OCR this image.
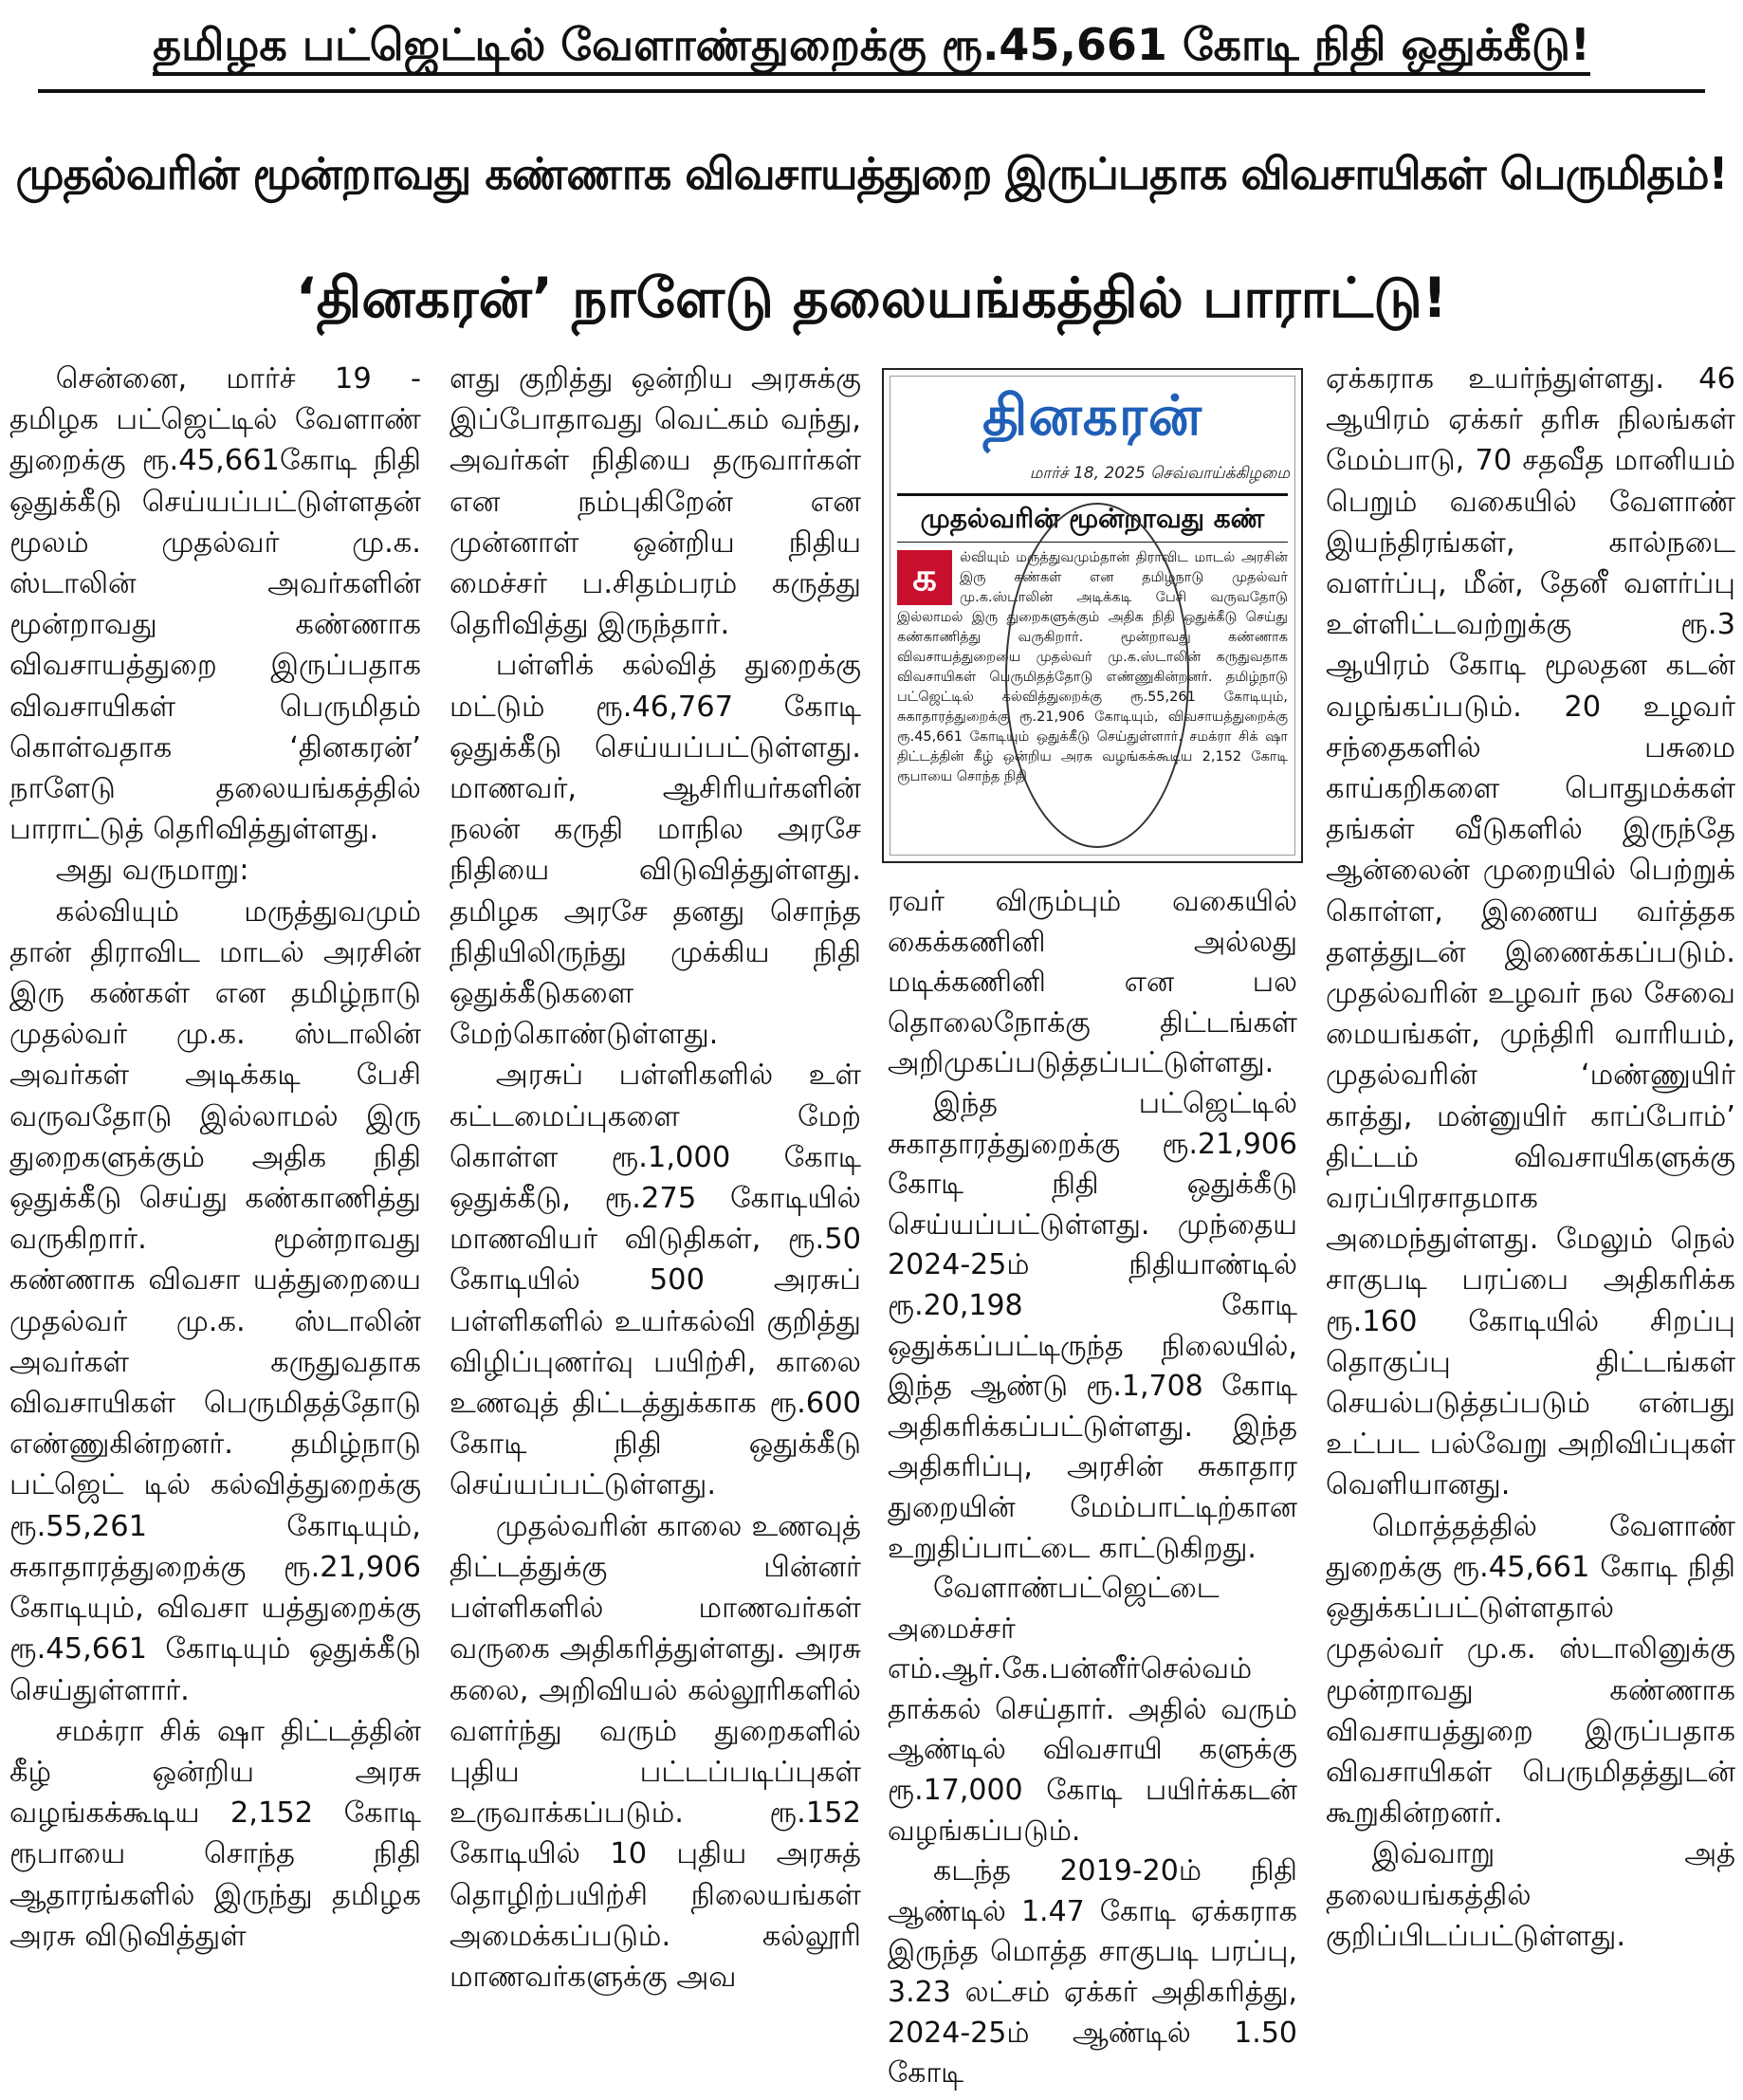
தமிழக பட்ஜெட்டில் வேளாண்துறைக்கு ரூ.45,661 கோடி நிதி ஒதுக்கீடு!
முதல்வரின் மூன்றாவது கண்ணாக விவசாயத்துறை இருப்பதாக விவசாயிகள் பெருமிதம்!
‘தினகரன்’ நாளேடு தலையங்கத்தில் பாராட்டு!

சென்னை, மார்ச் 19 - தமிழக பட்ஜெட்டில் வேளாண் துறைக்கு ரூ.45,661கோடி நிதி ஒதுக்கீடு செய்யப்பட்டுள்ளதன் மூலம் முதல்வர் மு.க. ஸ்டாலின் அவர்களின் மூன்றாவது கண்ணாக விவசாயத்துறை இருப்பதாக விவசாயிகள் பெருமிதம் கொள்வதாக ‘தினகரன்’ நாளேடு தலையங்கத்தில் பாராட்டுத் தெரிவித்துள்ளது.

அது வருமாறு:

கல்வியும் மருத்துவமும் தான் திராவிட மாடல் அரசின் இரு கண்கள் என தமிழ்நாடு முதல்வர் மு.க. ஸ்டாலின் அவர்கள் அடிக்கடி பேசி வருவதோடு இல்லாமல் இரு துறைகளுக்கும் அதிக நிதி ஒதுக்கீடு செய்து கண்காணித்து வருகிறார். மூன்றாவது கண்ணாக விவசா யத்துறையை முதல்வர் மு.க. ஸ்டாலின் அவர்கள் கருதுவதாக விவசாயிகள் பெருமிதத்தோடு எண்ணுகின்றனர். தமிழ்நாடு பட்ஜெட் டில் கல்வித்துறைக்கு ரூ.55,261 கோடியும், சுகாதாரத்துறைக்கு ரூ.21,906 கோடியும், விவசா யத்துறைக்கு ரூ.45,661 கோடியும் ஒதுக்கீடு செய்துள்ளார்.

சமக்ரா சிக் ஷா திட்டத்தின் கீழ் ஒன்றிய அரசு வழங்கக்கூடிய 2,152 கோடி ரூபாயை சொந்த நிதி ஆதாரங்களில் இருந்து தமிழக அரசு விடுவித்துள்

ளது குறித்து ஒன்றிய அரசுக்கு இப்போதாவது வெட்கம் வந்து, அவர்கள் நிதியை தருவார்கள் என நம்புகிறேன் என முன்னாள் ஒன்றிய நிதிய மைச்சர் ப.சிதம்பரம் கருத்து தெரிவித்து இருந்தார்.

பள்ளிக் கல்வித் துறைக்கு மட்டும் ரூ.46,767 கோடி ஒதுக்கீடு செய்யப்பட்டுள்ளது. மாணவர், ஆசிரியர்களின் நலன் கருதி மாநில அரசே நிதியை விடுவித்துள்ளது. தமிழக அரசே தனது சொந்த நிதியிலிருந்து முக்கிய நிதி ஒதுக்கீடுகளை மேற்கொண்டுள்ளது.

அரசுப் பள்ளிகளில் உள் கட்டமைப்புகளை மேற் கொள்ள ரூ.1,000 கோடி ஒதுக்கீடு, ரூ.275 கோடியில் மாணவியர் விடுதிகள், ரூ.50 கோடியில் 500 அரசுப் பள்ளிகளில் உயர்கல்வி குறித்து விழிப்புணர்வு பயிற்சி, காலை உணவுத் திட்டத்துக்காக ரூ.600 கோடி நிதி ஒதுக்கீடு செய்யப்பட்டுள்ளது.

முதல்வரின் காலை உணவுத் திட்டத்துக்கு பின்னர் பள்ளிகளில் மாணவர்கள் வருகை அதிகரித்துள்ளது. அரசு கலை, அறிவியல் கல்லூரிகளில் வளர்ந்து வரும் துறைகளில் புதிய பட்டப்படிப்புகள் உருவாக்கப்படும். ரூ.152 கோடியில் 10 புதிய அரசுத் தொழிற்பயிற்சி நிலையங்கள் அமைக்கப்படும். கல்லூரி மாணவர்களுக்கு அவ

தினகரன்
மார்ச் 18, 2025 செவ்வாய்க்கிழமை
முதல்வரின் மூன்றாவது கண்
க	ல்வியும் மருத்துவமும்தான் திராவிட மாடல் அரசின் இரு கண்கள் என தமிழ்நாடு முதல்வர் மு.க.ஸ்டாலின் அடிக்கடி பேசி வருவதோடு இல்லாமல் இரு துறைகளுக்கும் அதிக நிதி ஒதுக்கீடு செய்து கண்காணித்து வருகிறார். மூன்றாவது கண்ணாக விவசாயத்துறையை முதல்வர் மு.க.ஸ்டாலின் கருதுவதாக விவசாயிகள் பெருமிதத்தோடு எண்ணுகின்றனர். தமிழ்நாடு பட்ஜெட்டில் கல்வித்துறைக்கு ரூ.55,261 கோடியும், சுகாதாரத்துறைக்கு ரூ.21,906 கோடியும், விவசாயத்துறைக்கு ரூ.45,661 கோடியும் ஒதுக்கீடு செய்துள்ளார். சமக்ரா சிக் ஷா திட்டத்தின் கீழ் ஒன்றிய அரசு வழங்கக்கூடிய 2,152 கோடி ரூபாயை சொந்த நிதி

ரவர் விரும்பும் வகையில் கைக்கணினி அல்லது மடிக்கணினி என பல தொலைநோக்கு திட்டங்கள் அறிமுகப்படுத்தப்பட்டுள்ளது.

இந்த பட்ஜெட்டில் சுகாதாரத்துறைக்கு ரூ.21,906 கோடி நிதி ஒதுக்கீடு செய்யப்பட்டுள்ளது. முந்தைய 2024-25ம் நிதியாண்டில் ரூ.20,198 கோடி ஒதுக்கப்பட்டிருந்த நிலையில், இந்த ஆண்டு ரூ.1,708 கோடி அதிகரிக்கப்பட்டுள்ளது. இந்த அதிகரிப்பு, அரசின் சுகாதார துறையின் மேம்பாட்டிற்கான உறுதிப்பாட்டை காட்டுகிறது.

வேளாண்பட்ஜெட்டை அமைச்சர் எம்.ஆர்.கே.பன்னீர்செல்வம் தாக்கல் செய்தார். அதில் வரும் ஆண்டில் விவசாயி களுக்கு ரூ.17,000 கோடி பயிர்க்கடன் வழங்கப்படும்.

கடந்த 2019-20ம் நிதி ஆண்டில் 1.47 கோடி ஏக்கராக இருந்த மொத்த சாகுபடி பரப்பு, 3.23 லட்சம் ஏக்கர் அதிகரித்து, 2024-25ம் ஆண்டில் 1.50 கோடி

ஏக்கராக உயர்ந்துள்ளது. 46 ஆயிரம் ஏக்கர் தரிசு நிலங்கள் மேம்பாடு, 70 சதவீத மானியம் பெறும் வகையில் வேளாண் இயந்திரங்கள், கால்நடை வளர்ப்பு, மீன், தேனீ வளர்ப்பு உள்ளிட்டவற்றுக்கு ரூ.3 ஆயிரம் கோடி மூலதன கடன் வழங்கப்படும். 20 உழவர் சந்தைகளில் பசுமை காய்கறிகளை பொதுமக்கள் தங்கள் வீடுகளில் இருந்தே ஆன்லைன் முறையில் பெற்றுக் கொள்ள, இணைய வர்த்தக தளத்துடன் இணைக்கப்படும். முதல்வரின் உழவர் நல சேவை மையங்கள், முந்திரி வாரியம், முதல்வரின் ‘மண்ணுயிர் காத்து, மன்னுயிர் காப்போம்’ திட்டம் விவசாயிகளுக்கு வரப்பிரசாதமாக அமைந்துள்ளது. மேலும் நெல் சாகுபடி பரப்பை அதிகரிக்க ரூ.160 கோடியில் சிறப்பு தொகுப்பு திட்டங்கள் செயல்படுத்தப்படும் என்பது உட்பட பல்வேறு அறிவிப்புகள் வெளியானது.

மொத்தத்தில் வேளாண் துறைக்கு ரூ.45,661 கோடி நிதி ஒதுக்கப்பட்டுள்ளதால் முதல்வர் மு.க. ஸ்டாலினுக்கு மூன்றாவது கண்ணாக விவசாயத்துறை இருப்பதாக விவசாயிகள் பெருமிதத்துடன் கூறுகின்றனர்.

இவ்வாறு அத் தலையங்கத்தில் குறிப்பிடப்பட்டுள்ளது.
